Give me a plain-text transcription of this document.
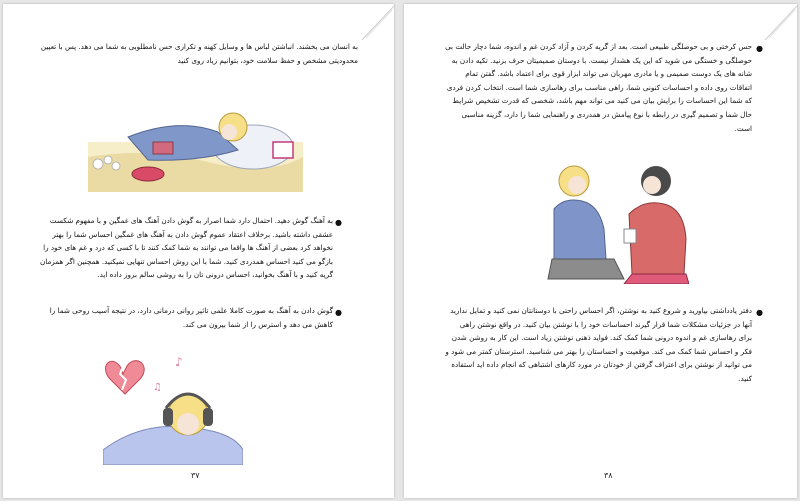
به انسان می بخشند. انباشتن لباس ها و وسایل کهنه و تکراری حس نامطلوبی به شما می دهد. پس با تعیین محدودیتی مشخص و حفظ سلامت خود، بتوانیم زیاد روی کنید
●
به آهنگ گوش دهید. احتمال دارد شما اصرار به گوش دادن آهنگ های غمگین و با مفهوم شکست عشقی داشته باشید. برخلاف اعتقاد عموم گوش دادن به آهنگ های غمگین احساس شما را بهتر نخواهد کرد بعضی از آهنگ ها واقعا می توانند به شما کمک کنند تا با کسی که درد و غم های خود را بازگو می کنید احساس همدردی کنید. شما با این روش احساس تنهایی نمیکنید. همچنین اگر همزمان گریه کنید و با آهنگ بخوانید، احساس درونی تان را به روشی سالم بروز داده اید.
●
گوش دادن به آهنگ به صورت کاملا علمی تاثیر روانی درمانی دارد، در نتیجه آسیب روحی شما را کاهش می دهد و استرس را از شما بیرون می کند.
♪
♫
۳۷
●
حس کرختی و بی حوصلگی طبیعی است. بعد از گریه کردن و آزاد کردن غم و اندوه، شما دچار حالت بی حوصلگی و خستگی می شوید که این یک هشدار نیست. با دوستان صمیمیتان حرف بزنید. تکیه دادن به شانه های یک دوست صمیمی و یا مادری مهربان می تواند ابزار قوی برای اعتماد باشد. گفتن تمام اتفاقات روی داده و احساسات کنونی شما، راهی مناسب برای رهاسازی شما است. انتخاب کردن فردی که شما این احساسات را برایش بیان می کنید می تواند مهم باشد، شخصی که قدرت تشخیص شرایط حال شما و تصمیم گیری در رابطه با نوع پیامش در همدردی و راهنمایی شما را دارد، گزینه مناسبی است.
●
دفتر یادداشتی بیاورید و شروع کنید به نوشتن، اگر احساس راحتی با دوستانتان نمی کنید و تمایل ندارید آنها در جزئیات مشکلات شما قرار گیرند احساسات خود را با نوشتن بیان کنید. در واقع نوشتن راهی برای رهاسازی غم و اندوه درونی شما کمک کند. فواید ذهنی نوشتن زیاد است. این کار به روشن شدن فکر و احساس شما کمک می کند. موقعیت و احساستان را بهتر می شناسید. استرستان کمتر می شود و می توانید از نوشتن برای اعتراف گرفتن از خودتان در مورد کارهای اشتباهی که انجام داده اید استفاده کنید.
۳۸
